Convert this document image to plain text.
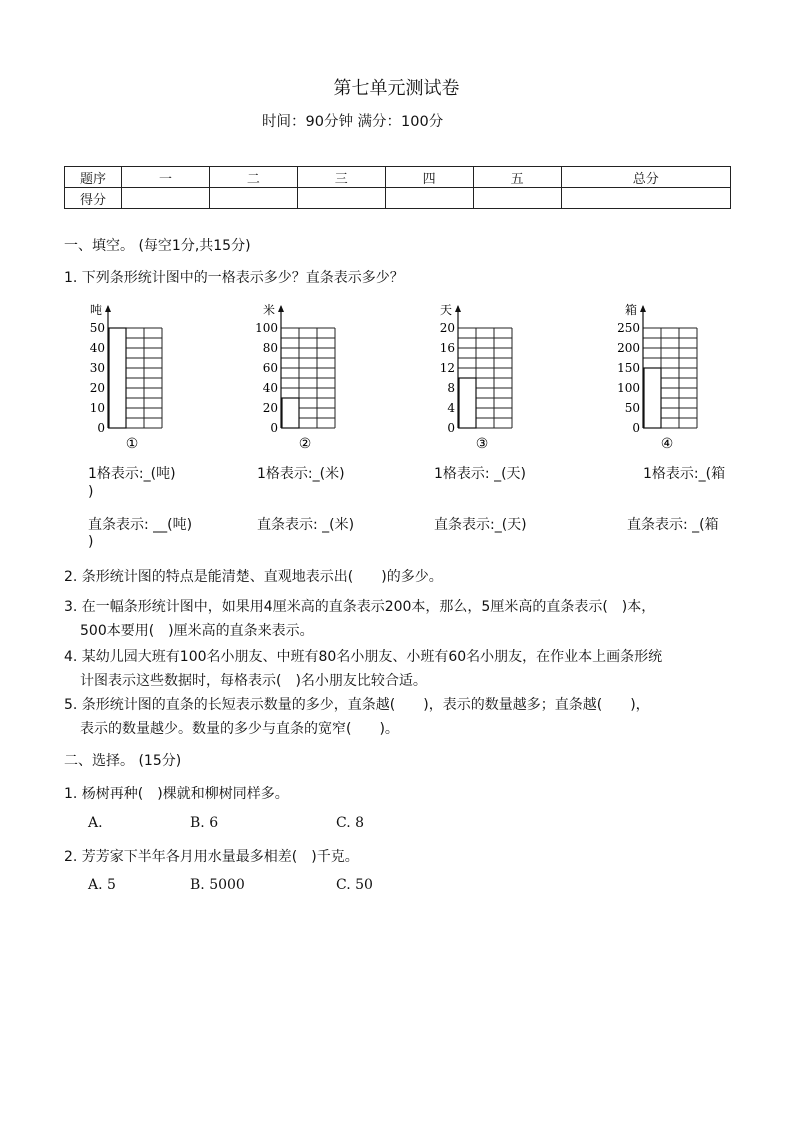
第七单元测试卷
时间：90分钟 满分：100分
题序	一	二	三	四	五	总分
得分						
一、填空。 (每空1分,共15分)
1. 下列条形统计图中的一格表示多少？直条表示多少？
吨
0
10
20
30
40
50
①
米
0
20
40
60
80
100
②
天
0
4
8
12
16
20
③
箱
0
50
100
150
200
250
④
1格表示:_(吨)	1格表示:_(米)	1格表示: _(天)	1格表示:_(箱
)
直条表示: __(吨)	直条表示: _(米)	直条表示:_(天)	直条表示: _(箱
)
2. 条形统计图的特点是能清楚、直观地表示出(　　)的多少。
3. 在一幅条形统计图中，如果用4厘米高的直条表示200本，那么，5厘米高的直条表示(　)本，
500本要用(　)厘米高的直条来表示。
4. 某幼儿园大班有100名小朋友、中班有80名小朋友、小班有60名小朋友，在作业本上画条形统
计图表示这些数据时，每格表示(　)名小朋友比较合适。
5. 条形统计图的直条的长短表示数量的多少，直条越(　　)，表示的数量越多；直条越(　　)，
表示的数量越少。数量的多少与直条的宽窄(　　)。
二、选择。 (15分)
1. 杨树再种(　)棵就和柳树同样多。
A.	B. 6	C. 8
2. 芳芳家下半年各月用水量最多相差(　)千克。
A. 5	B. 5000	C. 50
